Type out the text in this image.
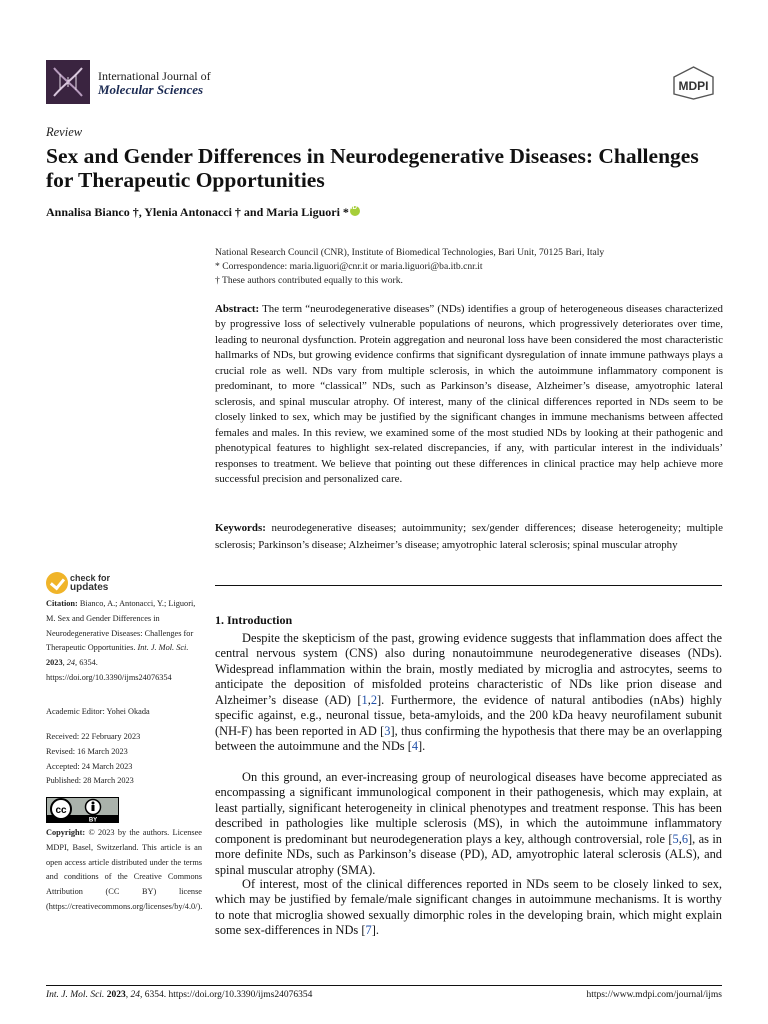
International Journal of
Molecular Sciences	MDPI
Review
Sex and Gender Differences in Neurodegenerative Diseases: Challenges for Therapeutic Opportunities
Annalisa Bianco †, Ylenia Antonacci † and Maria Liguori *iD
National Research Council (CNR), Institute of Biomedical Technologies, Bari Unit, 70125 Bari, Italy
* Correspondence: maria.liguori@cnr.it or maria.liguori@ba.itb.cnr.it
† These authors contributed equally to this work.

Abstract: The term “neurodegenerative diseases” (NDs) identifies a group of heterogeneous diseases characterized by progressive loss of selectively vulnerable populations of neurons, which progressively deteriorates over time, leading to neuronal dysfunction. Protein aggregation and neuronal loss have been considered the most characteristic hallmarks of NDs, but growing evidence confirms that significant dysregulation of innate immune pathways plays a crucial role as well. NDs vary from multiple sclerosis, in which the autoimmune inflammatory component is predominant, to more “classical” NDs, such as Parkinson’s disease, Alzheimer’s disease, amyotrophic lateral sclerosis, and spinal muscular atrophy. Of interest, many of the clinical differences reported in NDs seem to be closely linked to sex, which may be justified by the significant changes in immune mechanisms between affected females and males. In this review, we examined some of the most studied NDs by looking at their pathogenic and phenotypical features to highlight sex-related discrepancies, if any, with particular interest in the individuals’ responses to treatment. We believe that pointing out these differences in clinical practice may help achieve more successful precision and personalized care.

Keywords: neurodegenerative diseases; autoimmunity; sex/gender differences; disease heterogeneity; multiple sclerosis; Parkinson’s disease; Alzheimer’s disease; amyotrophic lateral sclerosis; spinal muscular atrophy

check for
updates
Citation: Bianco, A.; Antonacci, Y.; Liguori, M. Sex and Gender Differences in Neurodegenerative Diseases: Challenges for Therapeutic Opportunities. Int. J. Mol. Sci. 2023, 24, 6354. https://doi.org/10.3390/ijms24076354
Academic Editor: Yohei Okada
Received: 22 February 2023
Revised: 16 March 2023
Accepted: 24 March 2023
Published: 28 March 2023
cc
BY
Copyright: © 2023 by the authors. Licensee MDPI, Basel, Switzerland. This article is an open access article distributed under the terms and conditions of the Creative Commons Attribution (CC BY) license (https://creativecommons.org/licenses/by/4.0/).
1. Introduction

Despite the skepticism of the past, growing evidence suggests that inflammation does affect the central nervous system (CNS) also during nonautoimmune neurodegenerative diseases (NDs). Widespread inflammation within the brain, mostly mediated by microglia and astrocytes, seems to anticipate the deposition of misfolded proteins characteristic of NDs like prion disease and Alzheimer’s disease (AD) [1,2]. Furthermore, the evidence of natural antibodies (nAbs) highly specific against, e.g., neuronal tissue, beta-amyloids, and the 200 kDa heavy neurofilament subunit (NH-F) has been reported in AD [3], thus confirming the hypothesis that there may be an overlapping between the autoimmune and the NDs [4].

On this ground, an ever-increasing group of neurological diseases have become appreciated as encompassing a significant immunological component in their pathogenesis, which may explain, at least partially, significant heterogeneity in clinical phenotypes and treatment response. This has been described in pathologies like multiple sclerosis (MS), in which the autoimmune inflammatory component is predominant but neurodegeneration plays a key, although controversial, role [5,6], as in more definite NDs, such as Parkinson’s disease (PD), AD, amyotrophic lateral sclerosis (ALS), and spinal muscular atrophy (SMA).

Of interest, most of the clinical differences reported in NDs seem to be closely linked to sex, which may be justified by female/male significant changes in autoimmune mechanisms. It is worthy to note that microglia showed sexually dimorphic roles in the developing brain, which might explain some sex-differences in NDs [7].

Int. J. Mol. Sci. 2023, 24, 6354. https://doi.org/10.3390/ijms24076354	https://www.mdpi.com/journal/ijms
